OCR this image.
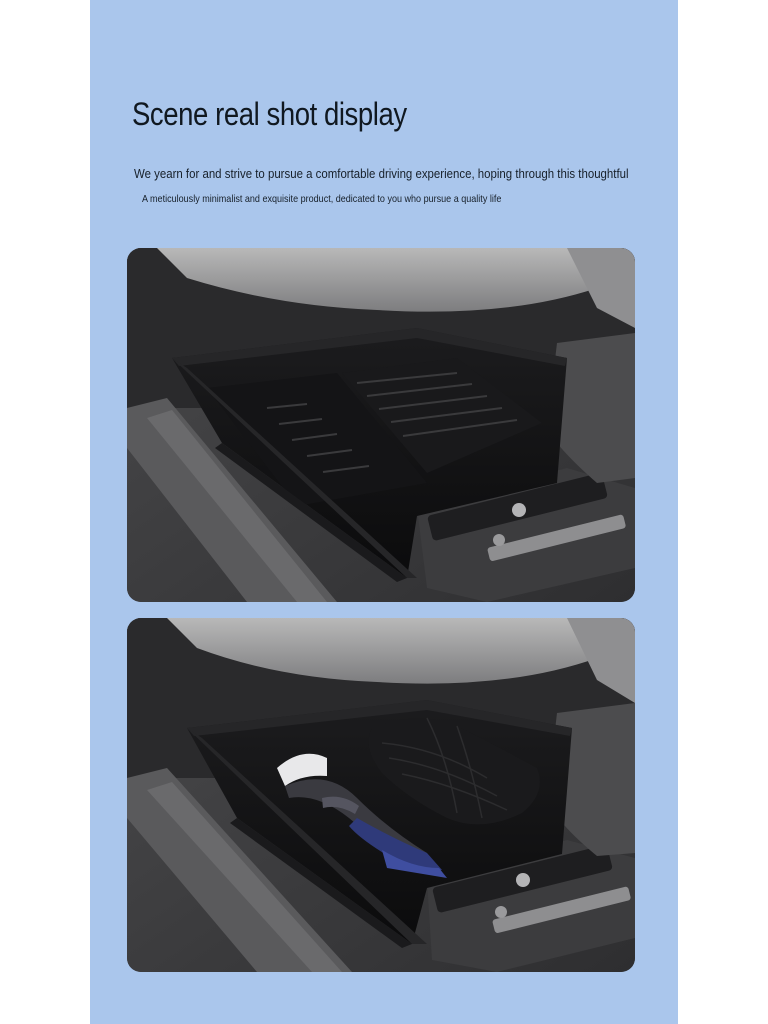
Scene real shot display

We yearn for and strive to pursue a comfortable driving experience, hoping through this thoughtful

A meticulously minimalist and exquisite product, dedicated to you who pursue a quality life
